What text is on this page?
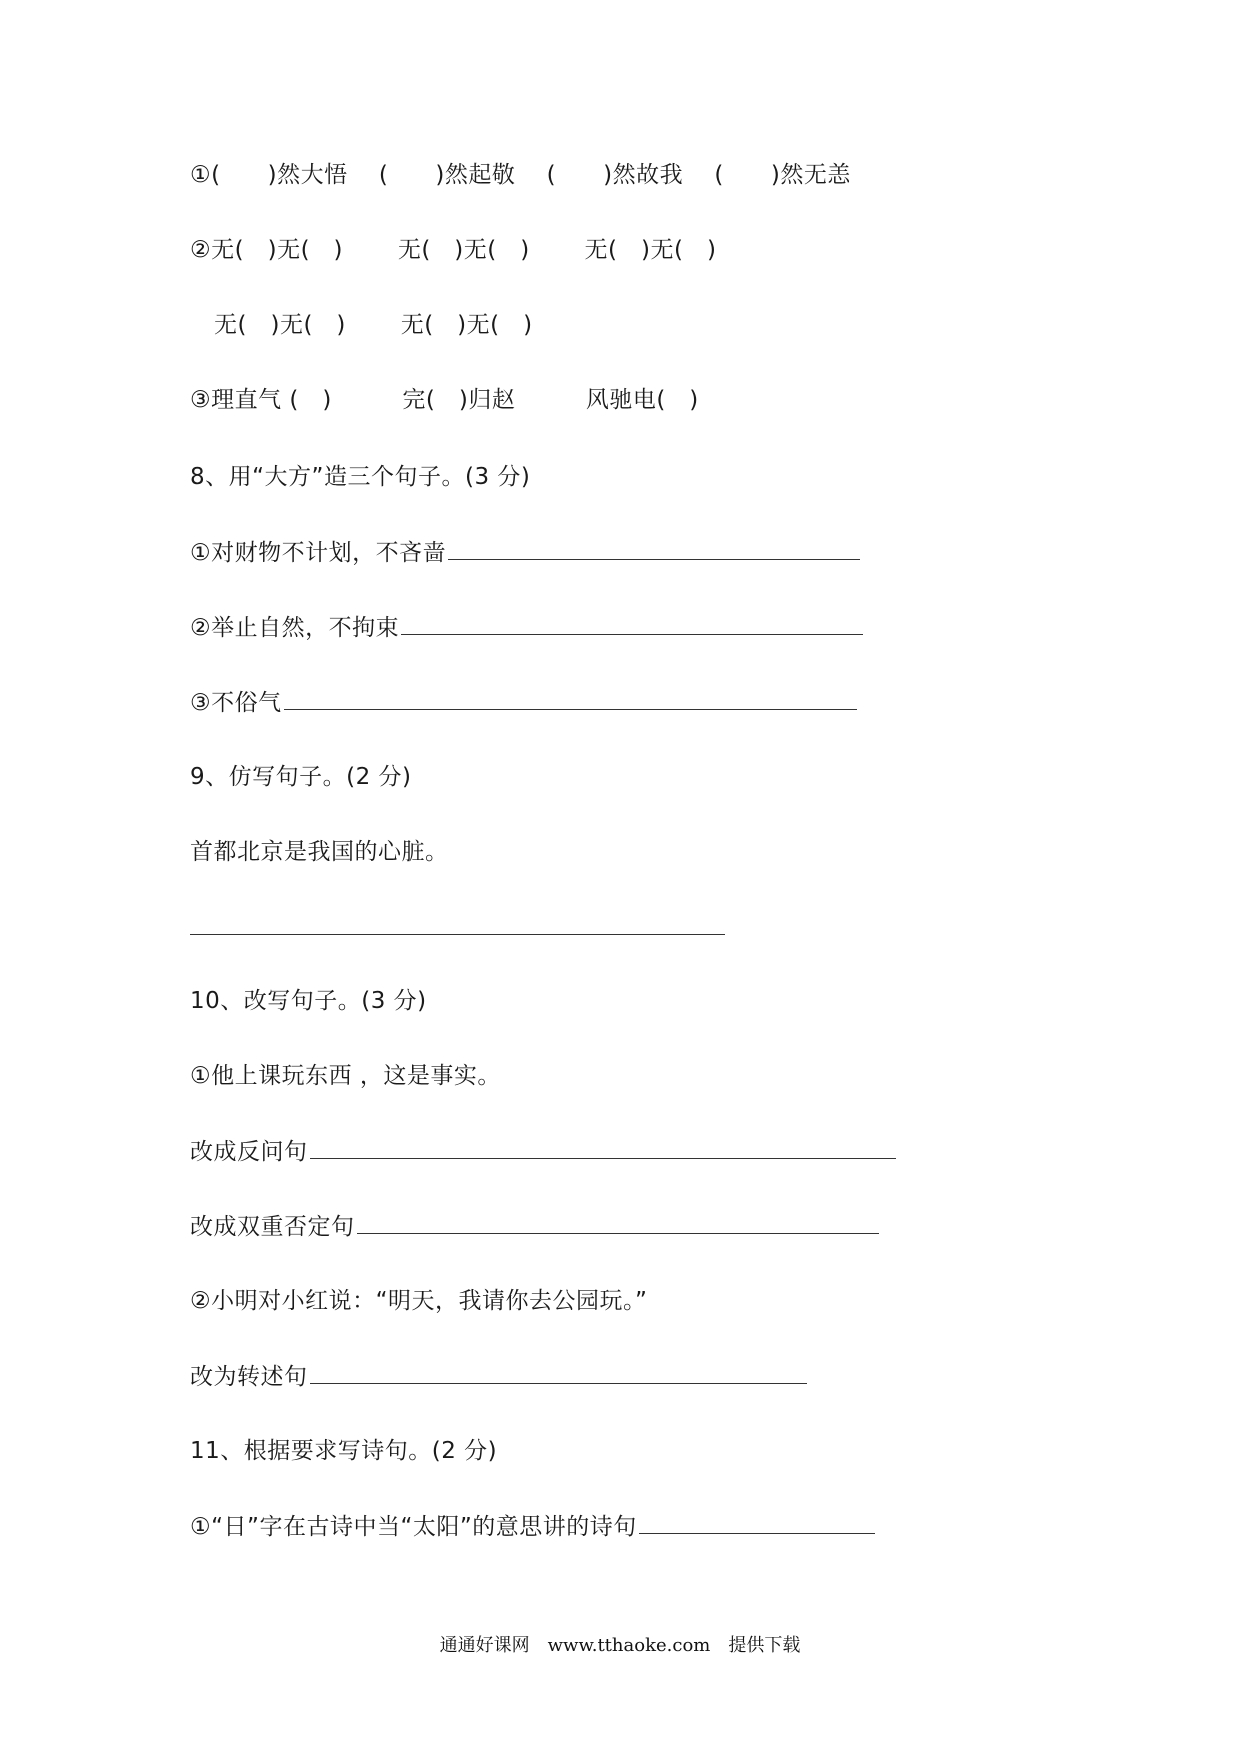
①(　　)然大悟　 (　　)然起敬　 (　　)然故我　 (　　)然无恙
②无(　)无(　)　　 无(　)无(　)　　 无(　)无(　)
无(　)无(　)　　 无(　)无(　)
③理直气 (　)　　　完(　)归赵　　　风驰电(　)
8、用“大方”造三个句子。(3 分)
①对财物不计划，不吝啬
②举止自然，不拘束
③不俗气
9、仿写句子。(2 分)
首都北京是我国的心脏。
10、改写句子。(3 分)
①他上课玩东西 ，这是事实。
改成反问句
改成双重否定句
②小明对小红说：“明天，我请你去公园玩。”
改为转述句
11、根据要求写诗句。(2 分)
①“日”字在古诗中当“太阳”的意思讲的诗句
通通好课网　www.tthaoke.com　提供下载
